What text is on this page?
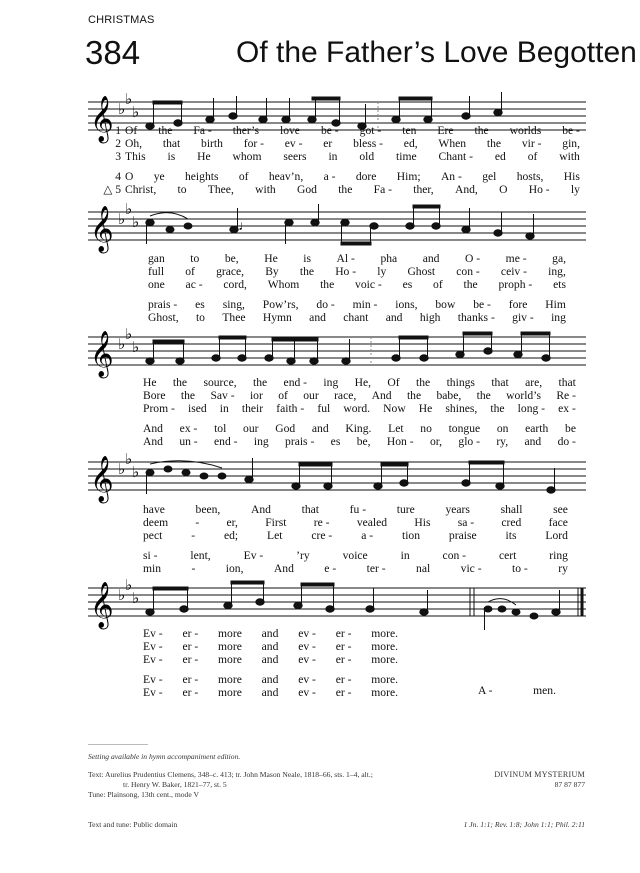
CHRISTMAS
384	Of the Father’s Love Begotten
𝄞 ♭
♭
♭
1 Of the Fa - ther’s love be - got - ten Ere the worlds be -
2 Oh, that birth for - ev - er bless - ed, When the vir - gin,
3 This is He whom seers in old time Chant - ed of with
4 O ye heights of heav’n, a - dore Him; An - gel hosts, His
△ 5 Christ, to Thee, with God the Fa - ther, And, O Ho - ly
𝄞 ♭
♭
♭	♩
gan to be, He is Al - pha and O - me - ga,
full of grace, By the Ho - ly Ghost con - ceiv - ing,
one ac - cord, Whom the voic - es of the proph - ets
prais - es sing, Pow’rs, do - min - ions, bow be - fore Him
Ghost, to Thee Hymn and chant and high thanks - giv - ing
𝄞 ♭
♭
♭
He the source, the end - ing He, Of the things that are, that
Bore the Sav - ior of our race, And the babe, the world’s Re -
Prom - ised in their faith - ful word. Now He shines, the long - ex -
And ex - tol our God and King. Let no tongue on earth be
And un - end - ing prais - es be, Hon - or, glo - ry, and do -
𝄞 ♭
♭
♭
have	been,	And	that	fu -	ture	years	shall	see
deem - er, First re - vealed His sa - cred face
pect - ed; Let cre - a - tion praise its Lord
si -	lent,	Ev -	’ry	voice	in	con -	cert	ring
min	-	ion,	And	e -	ter -	nal	vic -	to -	ry
𝄞 ♭
♭
♭
Ev - er - more and ev - er - more.
Ev - er - more and ev - er - more.
Ev - er - more and ev - er - more.
Ev - er - more and ev - er - more.
Ev - er - more and ev - er - more.	A -	men.
Setting available in hymn accompaniment edition.
Text: Aurelius Prudentius Clemens, 348–c. 413; tr. John Mason Neale, 1818–66, sts. 1–4, alt.;
tr. Henry W. Baker, 1821–77, st. 5
Tune: Plainsong, 13th cent., mode V
DIVINUM MYSTERIUM
87 87 877
Text and tune: Public domain	1 Jn. 1:1; Rev. 1:8; John 1:1; Phil. 2:11
